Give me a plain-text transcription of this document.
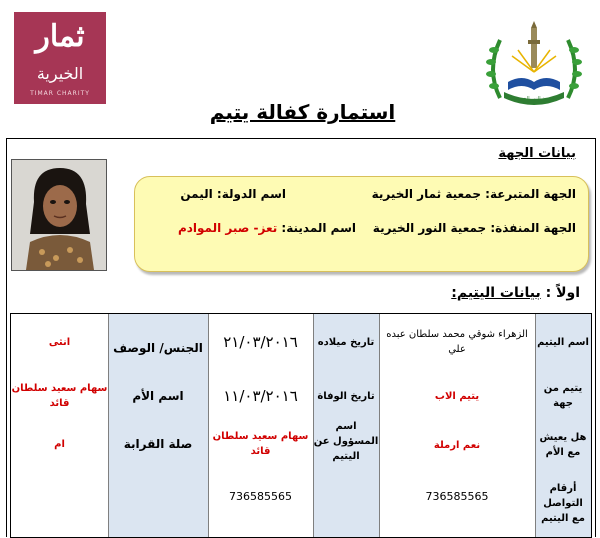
جمعية النور الخيرية
ثمار
الخيرية
TIMAR CHARITY
استمارة كفالة يتيم
بيانات الجهة
الجهة المتبرعة: جمعية ثمار الخيرية
اسم الدولة: اليمن
الجهة المنفذة: جمعية النور الخيرية
اسم المدينة: تعز- صبر الموادم
اولاً : بيانات اليتيم:
اسم اليتيم
يتيم من جهة
هل يعيش مع الأم
أرقام التواصل مع اليتيم
الزهراء شوقي محمد سلطان عبده علي
يتيم الاب
نعم ارملة
736585565
تاريخ ميلاده
تاريخ الوفاة
اسم المسؤول عن اليتيم
٢١/٠٣/٢٠١٦
١١/٠٣/٢٠١٦
سهام سعيد سلطان قائد
736585565
الجنس/ الوصف
اسم الأم
صلة القرابة
انثى
سهام سعيد سلطان قائد
ام
